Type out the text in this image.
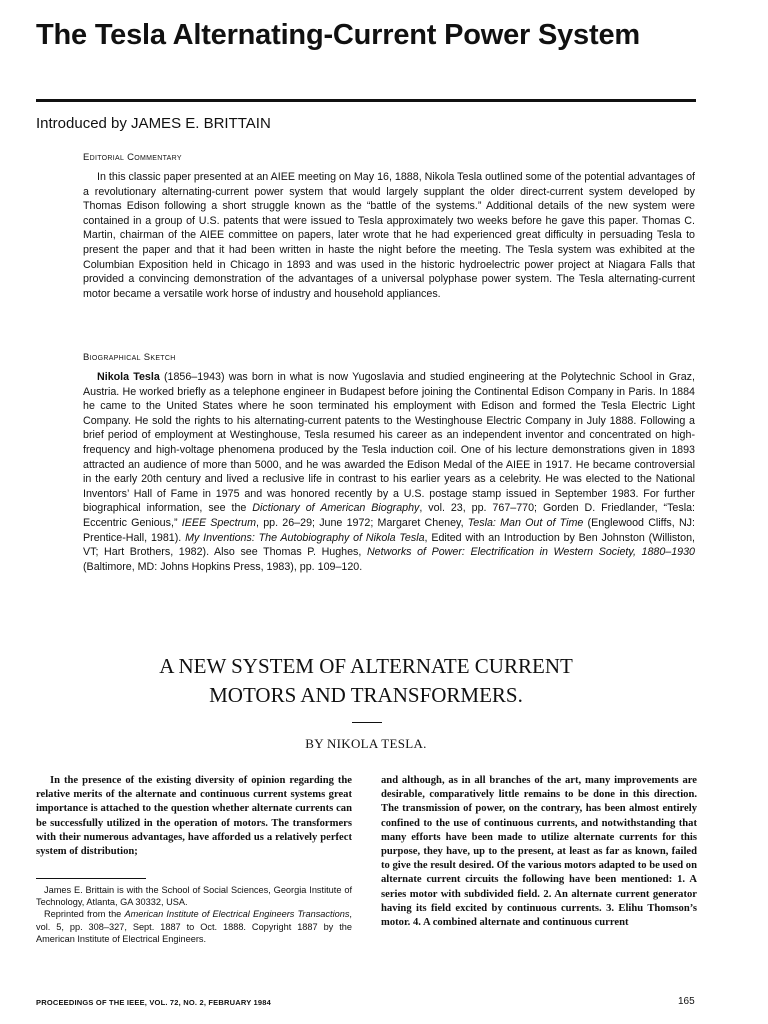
The Tesla Alternating-Current Power System

Introduced by JAMES E. BRITTAIN

Editorial Commentary

In this classic paper presented at an AIEE meeting on May 16, 1888, Nikola Tesla outlined some of the potential advantages of a revolutionary alternating-current power system that would largely supplant the older direct-current system developed by Thomas Edison following a short struggle known as the “battle of the systems.” Additional details of the new system were contained in a group of U.S. patents that were issued to Tesla approximately two weeks before he gave this paper. Thomas C. Martin, chairman of the AIEE committee on papers, later wrote that he had experienced great difficulty in persuading Tesla to present the paper and that it had been written in haste the night before the meeting. The Tesla system was exhibited at the Columbian Exposition held in Chicago in 1893 and was used in the historic hydroelectric power project at Niagara Falls that provided a convincing demonstration of the advantages of a universal polyphase power system. The Tesla alternating-current motor became a versatile work horse of industry and household appliances.

Biographical Sketch

Nikola Tesla (1856–1943) was born in what is now Yugoslavia and studied engineering at the Polytechnic School in Graz, Austria. He worked briefly as a telephone engineer in Budapest before joining the Continental Edison Company in Paris. In 1884 he came to the United States where he soon terminated his employment with Edison and formed the Tesla Electric Light Company. He sold the rights to his alternating-current patents to the Westinghouse Electric Company in July 1888. Following a brief period of employment at Westinghouse, Tesla resumed his career as an independent inventor and concentrated on high-frequency and high-voltage phenomena produced by the Tesla induction coil. One of his lecture demonstrations given in 1893 attracted an audience of more than 5000, and he was awarded the Edison Medal of the AIEE in 1917. He became controversial in the early 20th century and lived a reclusive life in contrast to his earlier years as a celebrity. He was elected to the National Inventors’ Hall of Fame in 1975 and was honored recently by a U.S. postage stamp issued in September 1983. For further biographical information, see the Dictionary of American Biography, vol. 23, pp. 767–770; Gorden D. Friedlander, “Tesla: Eccentric Genious,” IEEE Spectrum, pp. 26–29; June 1972; Margaret Cheney, Tesla: Man Out of Time (Englewood Cliffs, NJ: Prentice-Hall, 1981). My Inventions: The Autobiography of Nikola Tesla, Edited with an Introduction by Ben Johnston (Williston, VT; Hart Brothers, 1982). Also see Thomas P. Hughes, Networks of Power: Electrification in Western Society, 1880–1930 (Baltimore, MD: Johns Hopkins Press, 1983), pp. 109–120.

A NEW SYSTEM OF ALTERNATE CURRENT
MOTORS AND TRANSFORMERS.

BY NIKOLA TESLA.

In the presence of the existing diversity of opinion regarding the relative merits of the alternate and continuous current systems great importance is attached to the question whether alternate currents can be successfully utilized in the operation of motors. The transformers with their numerous advantages, have afforded us a relatively perfect system of distribution;

and although, as in all branches of the art, many improvements are desirable, comparatively little remains to be done in this direction. The transmission of power, on the contrary, has been almost entirely confined to the use of continuous currents, and notwithstanding that many efforts have been made to utilize alternate currents for this purpose, they have, up to the present, at least as far as known, failed to give the result desired. Of the various motors adapted to be used on alternate current circuits the following have been mentioned: 1. A series motor with subdivided field. 2. An alternate current generator having its field excited by continuous currents. 3. Elihu Thomson’s motor. 4. A combined alternate and continuous current

James E. Brittain is with the School of Social Sciences, Georgia Institute of Technology, Atlanta, GA 30332, USA.

Reprinted from the American Institute of Electrical Engineers Transactions, vol. 5, pp. 308–327, Sept. 1887 to Oct. 1888. Copyright 1887 by the American Institute of Electrical Engineers.

PROCEEDINGS OF THE IEEE, VOL. 72, NO. 2, FEBRUARY 1984	165
